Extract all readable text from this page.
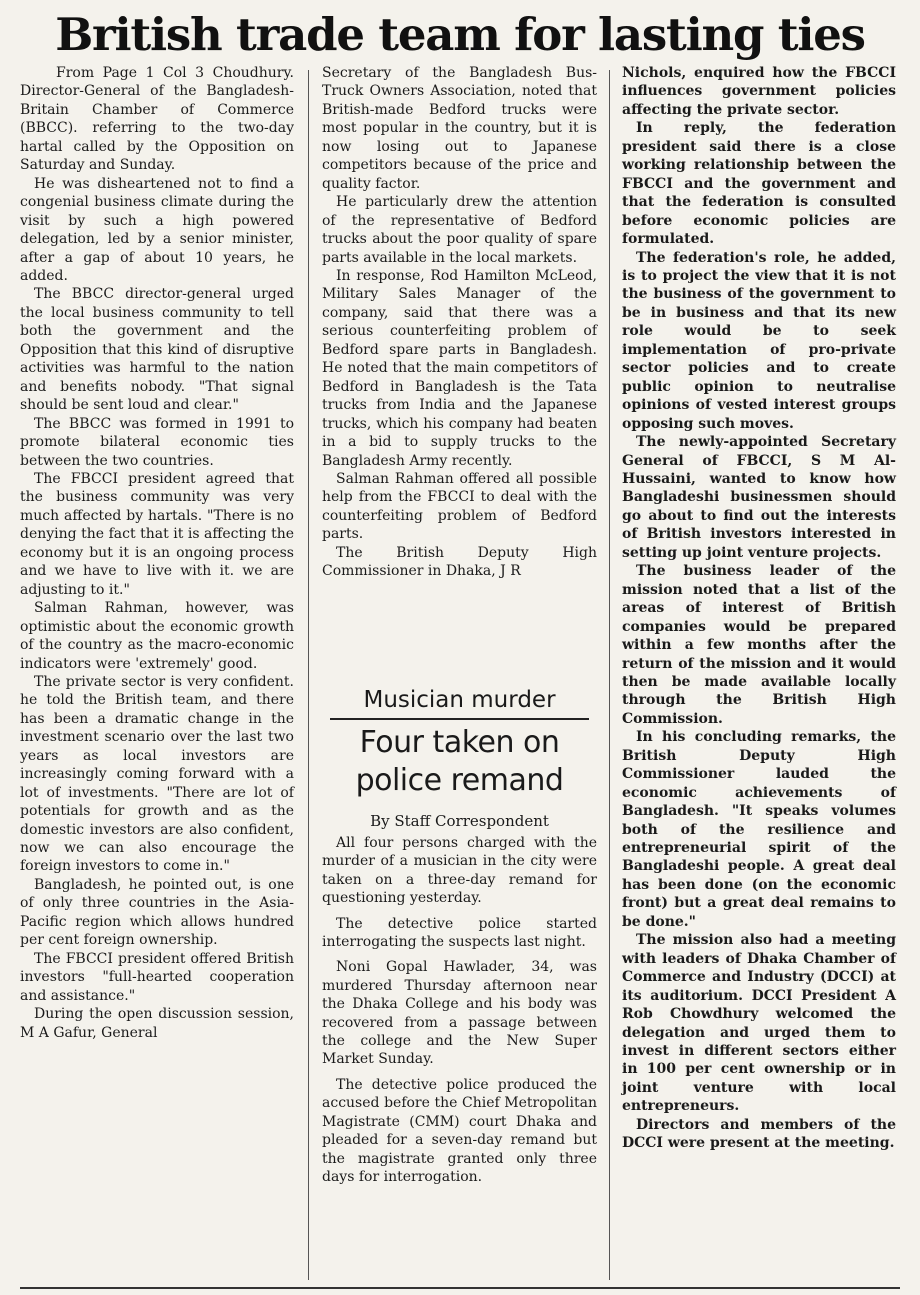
British trade team for lasting ties

From Page 1 Col 3 Choudhury. Director-General of the Bangladesh-Britain Chamber of Commerce (BBCC). referring to the two-day hartal called by the Opposition on Saturday and Sunday.

He was disheartened not to find a congenial business climate during the visit by such a high powered delegation, led by a senior minister, after a gap of about 10 years, he added.

The BBCC director-general urged the local business community to tell both the government and the Opposition that this kind of disruptive activities was harmful to the nation and benefits nobody. "That signal should be sent loud and clear."

The BBCC was formed in 1991 to promote bilateral economic ties between the two countries.

The FBCCI president agreed that the business community was very much affected by hartals. "There is no denying the fact that it is affecting the economy but it is an ongoing process and we have to live with it. we are adjusting to it."

Salman Rahman, however, was optimistic about the economic growth of the country as the macro-economic indicators were 'extremely' good.

The private sector is very confident. he told the British team, and there has been a dramatic change in the investment scenario over the last two years as local investors are increasingly coming forward with a lot of investments. "There are lot of potentials for growth and as the domestic investors are also confident, now we can also encourage the foreign investors to come in."

Bangladesh, he pointed out, is one of only three countries in the Asia-Pacific region which allows hundred per cent foreign ownership.

The FBCCI president offered British investors "full-hearted cooperation and assistance."

During the open discussion session, M A Gafur, General

Secretary of the Bangladesh Bus-Truck Owners Association, noted that British-made Bedford trucks were most popular in the country, but it is now losing out to Japanese competitors because of the price and quality factor.

He particularly drew the attention of the representative of Bedford trucks about the poor quality of spare parts available in the local markets.

In response, Rod Hamilton McLeod, Military Sales Manager of the company, said that there was a serious counterfeiting problem of Bedford spare parts in Bangladesh. He noted that the main competitors of Bedford in Bangladesh is the Tata trucks from India and the Japanese trucks, which his company had beaten in a bid to supply trucks to the Bangladesh Army recently.

Salman Rahman offered all possible help from the FBCCI to deal with the counterfeiting problem of Bedford parts.

The British Deputy High Commissioner in Dhaka, J R

Musician murder
Four taken on police remand
By Staff Correspondent

All four persons charged with the murder of a musician in the city were taken on a three-day remand for questioning yesterday.

The detective police started interrogating the suspects last night.

Noni Gopal Hawlader, 34, was murdered Thursday afternoon near the Dhaka College and his body was recovered from a passage between the college and the New Super Market Sunday.

The detective police produced the accused before the Chief Metropolitan Magistrate (CMM) court Dhaka and pleaded for a seven-day remand but the magistrate granted only three days for interrogation.

Nichols, enquired how the FBCCI influences government policies affecting the private sector.

In reply, the federation president said there is a close working relationship between the FBCCI and the government and that the federation is consulted before economic policies are formulated.

The federation's role, he added, is to project the view that it is not the business of the government to be in business and that its new role would be to seek implementation of pro-private sector policies and to create public opinion to neutralise opinions of vested interest groups opposing such moves.

The newly-appointed Secretary General of FBCCI, S M Al-Hussaini, wanted to know how Bangladeshi businessmen should go about to find out the interests of British investors interested in setting up joint venture projects.

The business leader of the mission noted that a list of the areas of interest of British companies would be prepared within a few months after the return of the mission and it would then be made available locally through the British High Commission.

In his concluding remarks, the British Deputy High Commissioner lauded the economic achievements of Bangladesh. "It speaks volumes both of the resilience and entrepreneurial spirit of the Bangladeshi people. A great deal has been done (on the economic front) but a great deal remains to be done."

The mission also had a meeting with leaders of Dhaka Chamber of Commerce and Industry (DCCI) at its auditorium. DCCI President A Rob Chowdhury welcomed the delegation and urged them to invest in different sectors either in 100 per cent ownership or in joint venture with local entrepreneurs.

Directors and members of the DCCI were present at the meeting.
